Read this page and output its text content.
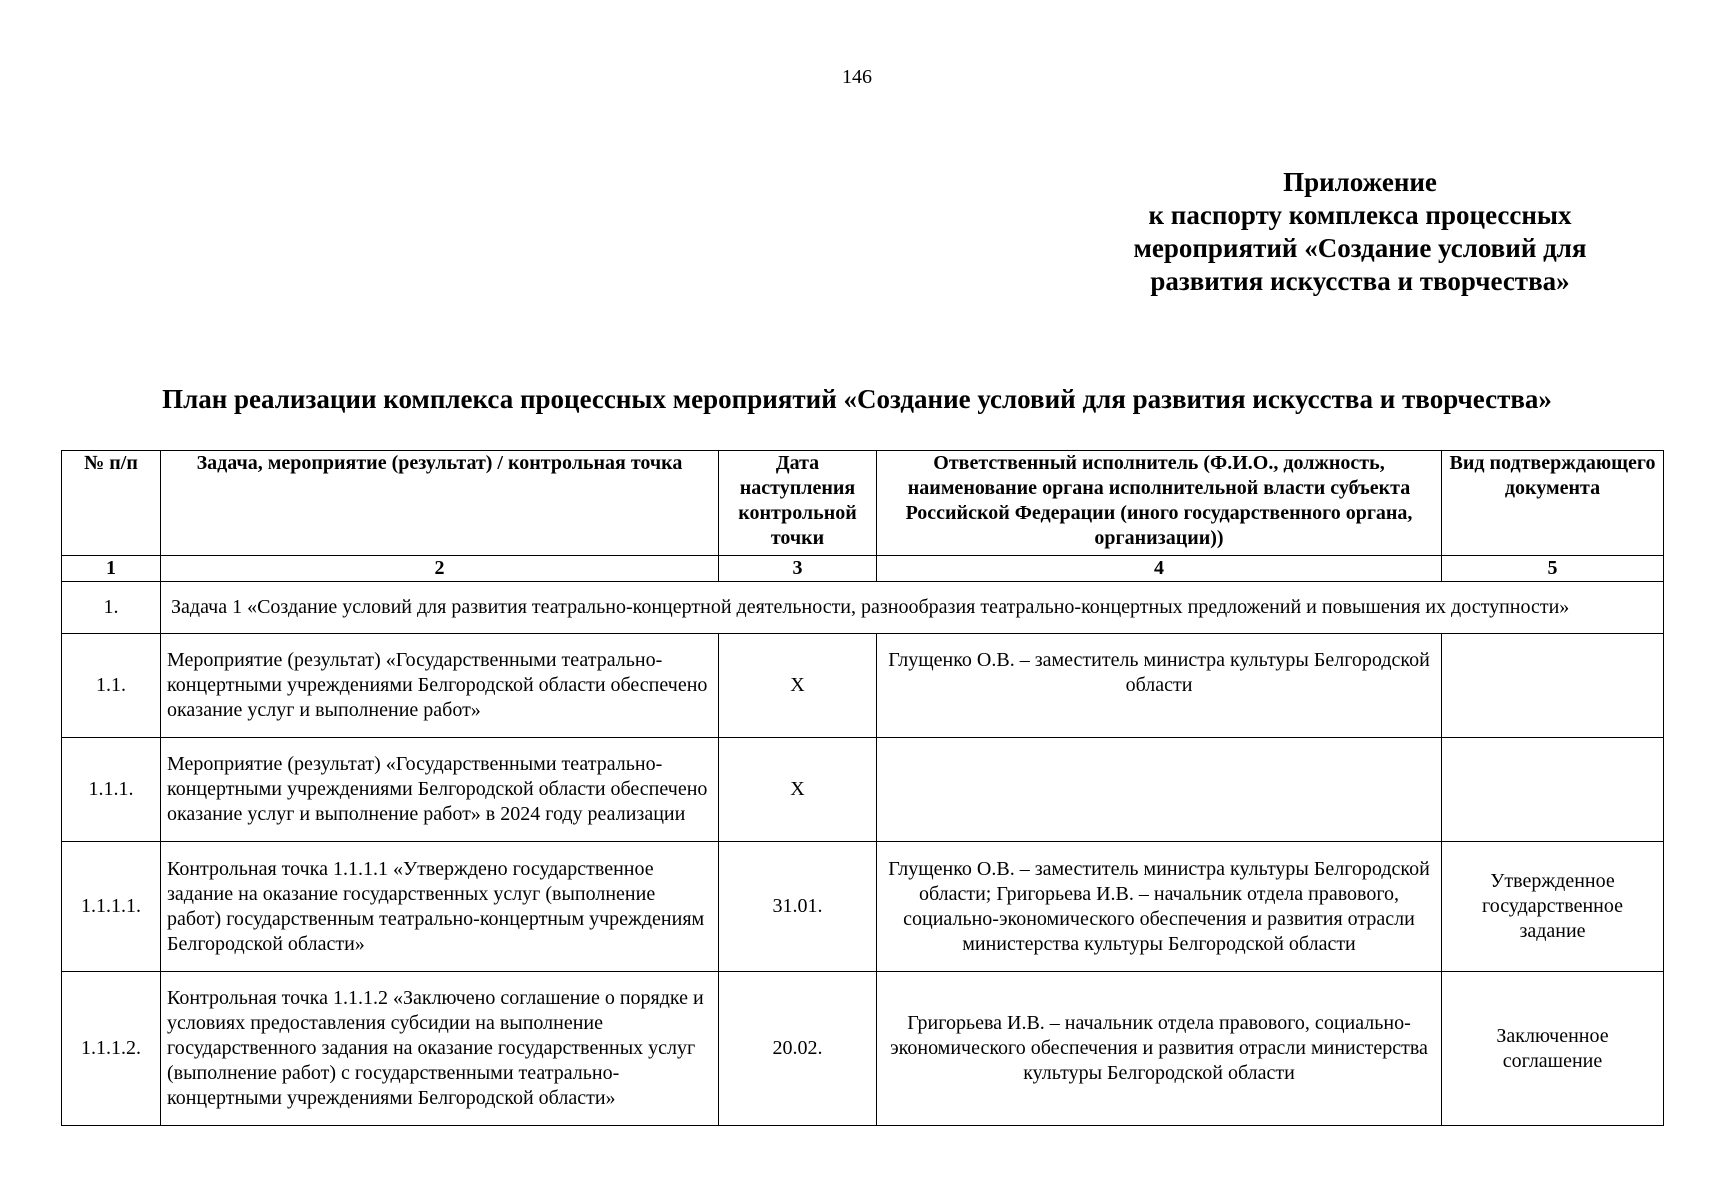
146
Приложение
к паспорту комплекса процессных
мероприятий «Создание условий для
развития искусства и творчества»
План реализации комплекса процессных мероприятий «Создание условий для развития искусства и творчества»
№ п/п	Задача, мероприятие (результат) / контрольная точка	Дата наступления контрольной точки	Ответственный исполнитель (Ф.И.О., должность, наименование органа исполнительной власти субъекта Российской Федерации (иного государственного органа, организации))	Вид подтверждающего документа
1	2	3	4	5
1.	Задача 1 «Создание условий для развития театрально-концертной деятельности, разнообразия театрально-концертных предложений и повышения их доступности»			
1.1.	Мероприятие (результат) «Государственными театрально-концертными учреждениями Белгородской области обеспечено оказание услуг и выполнение работ»	Х	Глущенко О.В. – заместитель министра культуры Белгородской области	
1.1.1.	Мероприятие (результат) «Государственными театрально-концертными учреждениями Белгородской области обеспечено оказание услуг и выполнение работ» в 2024 году реализации	Х		
1.1.1.1.	Контрольная точка 1.1.1.1 «Утверждено государственное задание на оказание государственных услуг (выполнение работ) государственным театрально-концертным учреждениям Белгородской области»	31.01.	Глущенко О.В. – заместитель министра культуры Белгородской области; Григорьева И.В. – начальник отдела правового, социально-экономического обеспечения и развития отрасли министерства культуры Белгородской области	Утвержденное государственное задание
1.1.1.2.	Контрольная точка 1.1.1.2 «Заключено соглашение о порядке и условиях предоставления субсидии на выполнение государственного задания на оказание государственных услуг (выполнение работ) с государственными театрально-концертными учреждениями Белгородской области»	20.02.	Григорьева И.В. – начальник отдела правового, социально-экономического обеспечения и развития отрасли министерства культуры Белгородской области	Заключенное соглашение
